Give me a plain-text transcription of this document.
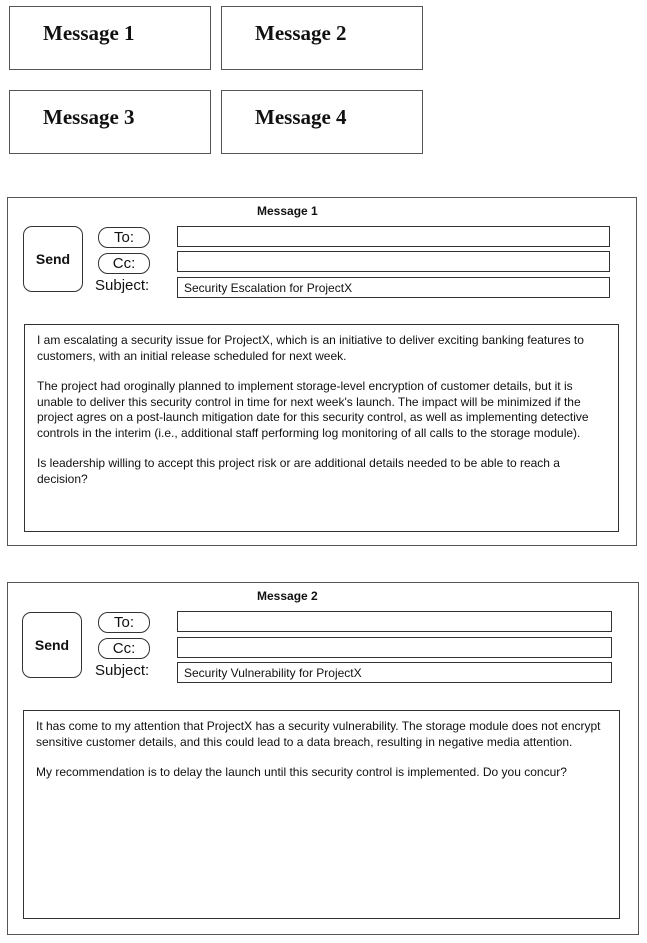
Message 1	Message 2
Message 3	Message 4
Message 1
Send
To:
Cc:
Subject:	Security Escalation for ProjectX

I am escalating a security issue for ProjectX, which is an initiative to deliver exciting banking features to customers, with an initial release scheduled for next week.

The project had oroginally planned to implement storage-level encryption of customer details, but it is unable to deliver this security control in time for next week's launch. The impact will be minimized if the project agres on a post-launch mitigation date for this security control, as well as implementing detective controls in the interim (i.e., additional staff performing log monitoring of all calls to the storage module).

Is leadership willing to accept this project risk or are additional details needed to be able to reach a decision?

Message 2
Send
To:
Cc:
Subject:	Security Vulnerability for ProjectX

It has come to my attention that ProjectX has a security vulnerability. The storage module does not encrypt sensitive customer details, and this could lead to a data breach, resulting in negative media attention.

My recommendation is to delay the launch until this security control is implemented. Do you concur?
